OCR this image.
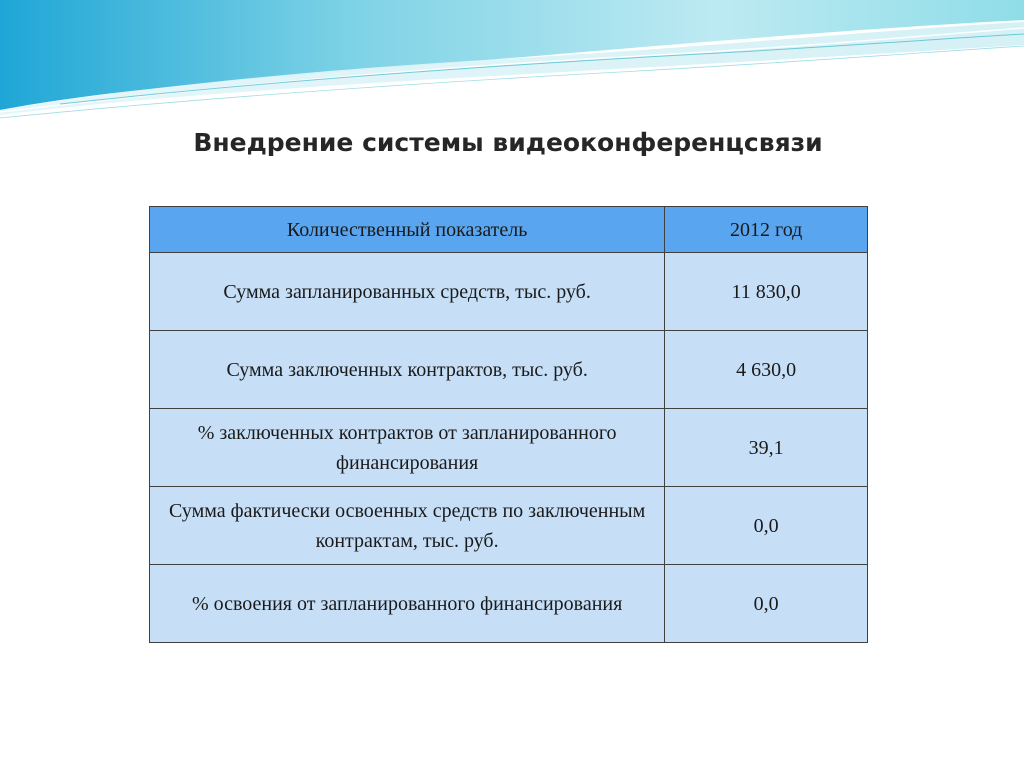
Внедрение системы видеоконференцсвязи
Количественный показатель	2012 год
Сумма запланированных средств, тыс. руб.	11 830,0
Сумма заключенных контрактов, тыс. руб.	4 630,0
% заключенных контрактов от запланированного финансирования	39,1
Сумма фактически освоенных средств по заключенным контрактам, тыс. руб.	0,0
% освоения от запланированного финансирования	0,0
